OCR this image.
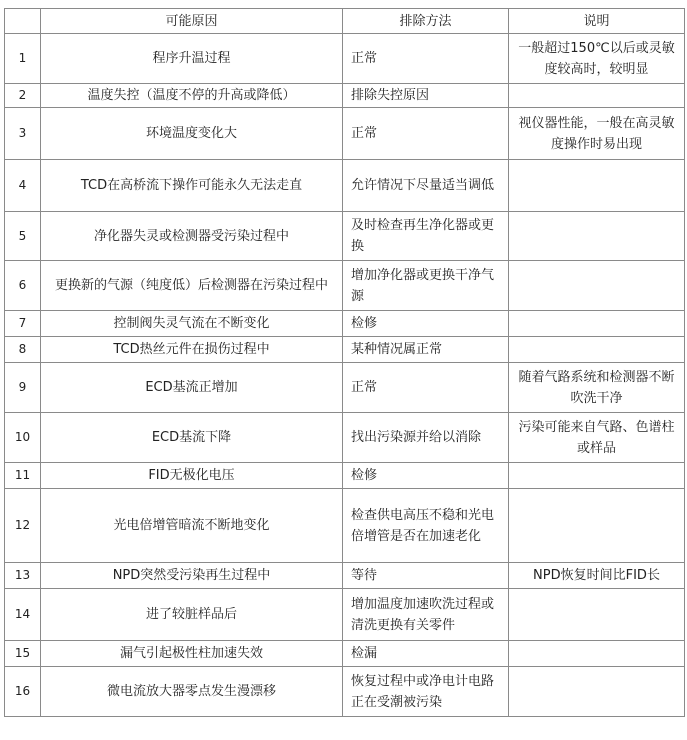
	可能原因	排除方法	说明
1	程序升温过程	正常	一般超过150℃以后或灵敏度较高时，较明显
2	温度失控（温度不停的升高或降低）	排除失控原因	
3	环境温度变化大	正常	视仪器性能，一般在高灵敏度操作时易出现
4	TCD在高桥流下操作可能永久无法走直	允许情况下尽量适当调低	
5	净化器失灵或检测器受污染过程中	及时检查再生净化器或更换	
6	更换新的气源（纯度低）后检测器在污染过程中	增加净化器或更换干净气源	
7	控制阀失灵气流在不断变化	检修	
8	TCD热丝元件在损伤过程中	某种情况属正常	
9	ECD基流正增加	正常	随着气路系统和检测器不断吹洗干净
10	ECD基流下降	找出污染源并给以消除	污染可能来自气路、色谱柱或样品
11	FID无极化电压	检修	
12	光电倍增管暗流不断地变化	检查供电高压不稳和光电倍增管是否在加速老化	
13	NPD突然受污染再生过程中	等待	NPD恢复时间比FID长
14	进了较脏样品后	增加温度加速吹洗过程或清洗更换有关零件	
15	漏气引起极性柱加速失效	检漏	
16	微电流放大器零点发生漫漂移	恢复过程中或净电计电路正在受潮被污染	
